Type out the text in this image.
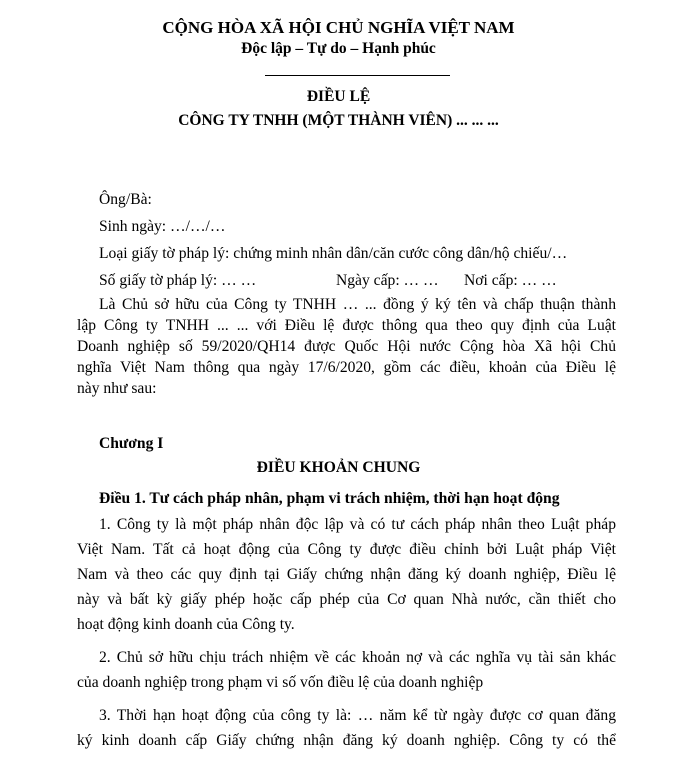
CỘNG HÒA XÃ HỘI CHỦ NGHĨA VIỆT NAM
Độc lập – Tự do – Hạnh phúc
ĐIỀU LỆ
CÔNG TY TNHH (MỘT THÀNH VIÊN) ... ... ...
Ông/Bà:
Sinh ngày: …/…/…
Loại giấy tờ pháp lý: chứng minh nhân dân/căn cước công dân/hộ chiếu/…
Số giấy tờ pháp lý: … …	Ngày cấp: … … Nơi cấp: … …
Là Chủ sở hữu của Công ty TNHH … ... đồng ý ký tên và chấp thuận thành
lập Công ty TNHH ... ... với Điều lệ được thông qua theo quy định của Luật
Doanh nghiệp số 59/2020/QH14 được Quốc Hội nước Cộng hòa Xã hội Chủ
nghĩa Việt Nam thông qua ngày 17/6/2020, gồm các điều, khoản của Điều lệ
này như sau:
Chương I
ĐIỀU KHOẢN CHUNG
Điều 1. Tư cách pháp nhân, phạm vi trách nhiệm, thời hạn hoạt động
1. Công ty là một pháp nhân độc lập và có tư cách pháp nhân theo Luật pháp
Việt Nam. Tất cả hoạt động của Công ty được điều chỉnh bởi Luật pháp Việt
Nam và theo các quy định tại Giấy chứng nhận đăng ký doanh nghiệp, Điều lệ
này và bất kỳ giấy phép hoặc cấp phép của Cơ quan Nhà nước, cần thiết cho
hoạt động kinh doanh của Công ty.
2. Chủ sở hữu chịu trách nhiệm về các khoản nợ và các nghĩa vụ tài sản khác
của doanh nghiệp trong phạm vi số vốn điều lệ của doanh nghiệp
3. Thời hạn hoạt động của công ty là: … năm kể từ ngày được cơ quan đăng
ký kinh doanh cấp Giấy chứng nhận đăng ký doanh nghiệp. Công ty có thể
